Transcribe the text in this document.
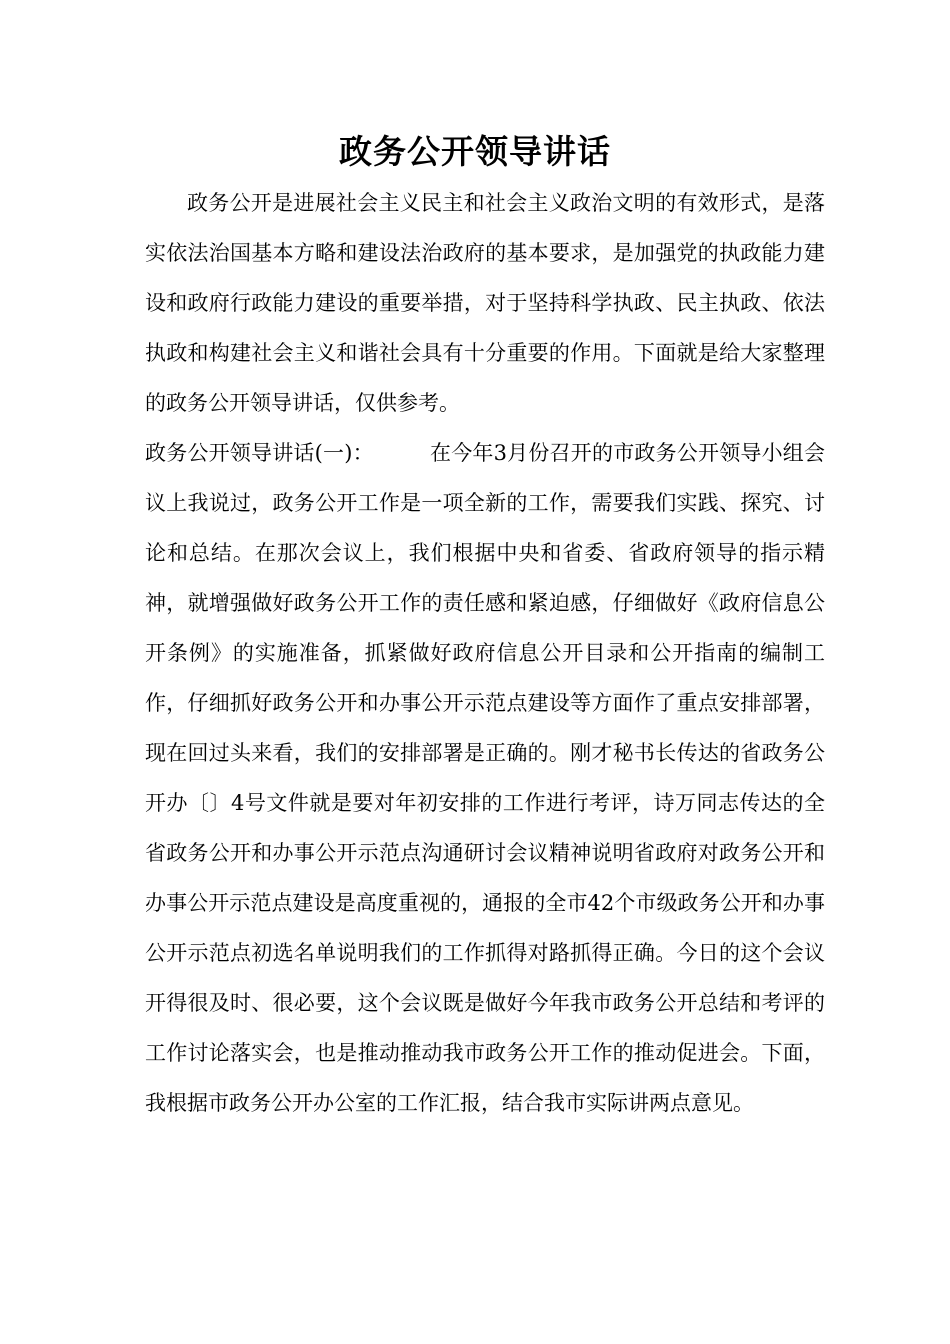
政务公开领导讲话
政务公开是进展社会主义民主和社会主义政治文明的有效形式，是落实依法治国基本方略和建设法治政府的基本要求，是加强党的执政能力建设和政府行政能力建设的重要举措，对于坚持科学执政、民主执政、依法执政和构建社会主义和谐社会具有十分重要的作用。下面就是给大家整理的政务公开领导讲话，仅供参考。
政务公开领导讲话(一)：	在今年3月份召开的市政务公开领导小组会议上我说过，政务公开工作是一项全新的工作，需要我们实践、探究、讨论和总结。在那次会议上，我们根据中央和省委、省政府领导的指示精神，就增强做好政务公开工作的责任感和紧迫感，仔细做好《政府信息公开条例》的实施准备，抓紧做好政府信息公开目录和公开指南的编制工作，仔细抓好政务公开和办事公开示范点建设等方面作了重点安排部署，现在回过头来看，我们的安排部署是正确的。刚才秘书长传达的省政务公开办〔〕4号文件就是要对年初安排的工作进行考评，诗万同志传达的全省政务公开和办事公开示范点沟通研讨会议精神说明省政府对政务公开和办事公开示范点建设是高度重视的，通报的全市42个市级政务公开和办事公开示范点初选名单说明我们的工作抓得对路抓得正确。今日的这个会议开得很及时、很必要，这个会议既是做好今年我市政务公开总结和考评的工作讨论落实会，也是推动推动我市政务公开工作的推动促进会。下面，我根据市政务公开办公室的工作汇报，结合我市实际讲两点意见。
